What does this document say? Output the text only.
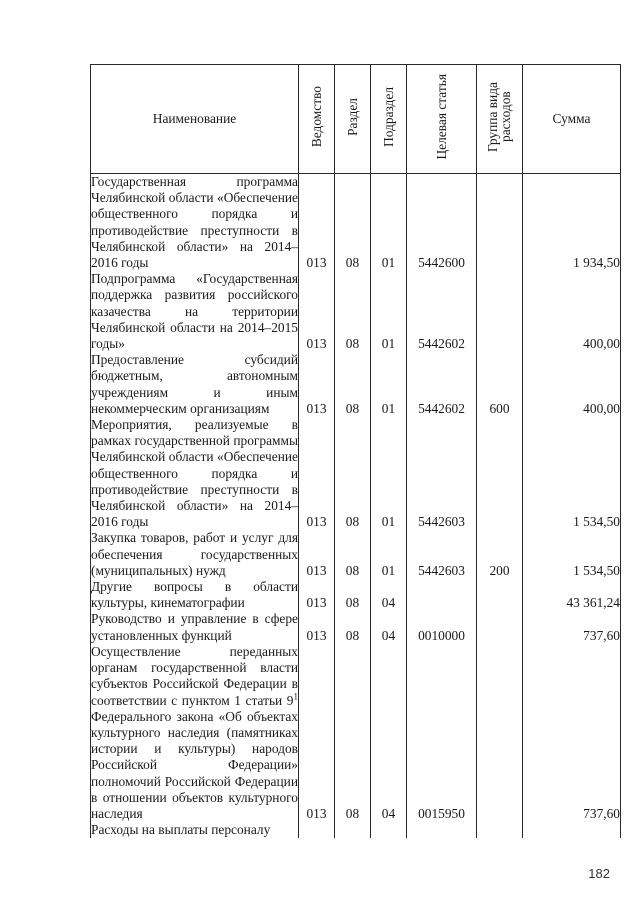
Наименование	Ведомство	Раздел	Подраздел	Целевая статья	Группа вида расходов	Сумма
Государственная программа Челябинской области «Обеспечение общественного порядка и противодействие преступности в Челябинской области» на 2014–2016 годы	013	08	01	5442600		1 934,50
Подпрограмма «Государственная поддержка развития российского казачества на территории Челябинской области на 2014–2015 годы»	013	08	01	5442602		400,00
Предоставление субсидий бюджетным, автономным учреждениям и иным некоммерческим организациям	013	08	01	5442602	600	400,00
Мероприятия, реализуемые в рамках государственной программы Челябинской области «Обеспечение общественного порядка и противодействие преступности в Челябинской области» на 2014–2016 годы	013	08	01	5442603		1 534,50
Закупка товаров, работ и услуг для обеспечения государственных (муниципальных) нужд	013	08	01	5442603	200	1 534,50
Другие вопросы в области культуры, кинематографии	013	08	04			43 361,24
Руководство и управление в сфере установленных функций	013	08	04	0010000		737,60
Осуществление переданных органам государственной власти субъектов Российской Федерации в соответствии с пунктом 1 статьи $9^1$ Федерального закона «Об объектах культурного наследия (памятниках истории и культуры) народов Российской Федерации» полномочий Российской Федерации в отношении объектов культурного наследия	013	08	04	0015950		737,60
Расходы на выплаты персоналу						
182
